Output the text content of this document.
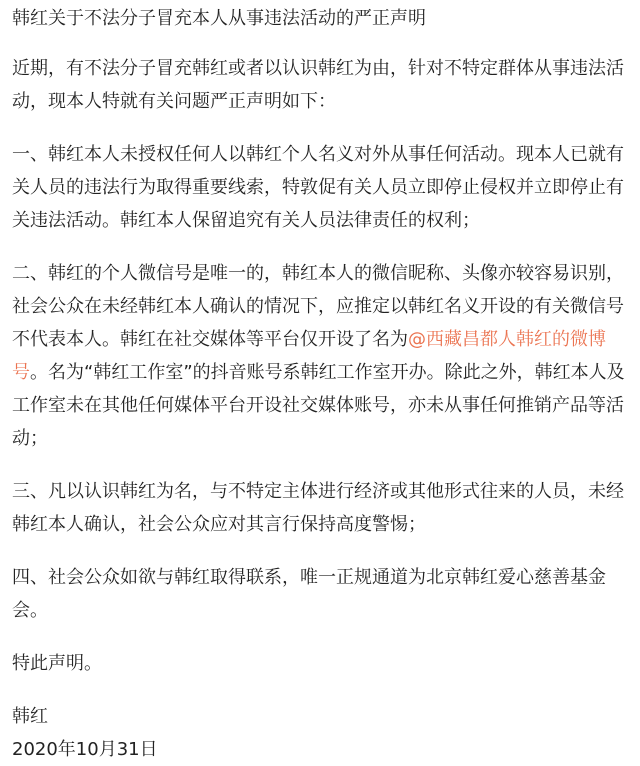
韩红关于不法分子冒充本人从事违法活动的严正声明
近期，有不法分子冒充韩红或者以认识韩红为由，针对不特定群体从事违法活动，现本人特就有关问题严正声明如下：
一、韩红本人未授权任何人以韩红个人名义对外从事任何活动。现本人已就有关人员的违法行为取得重要线索，特敦促有关人员立即停止侵权并立即停止有关违法活动。韩红本人保留追究有关人员法律责任的权利；
二、韩红的个人微信号是唯一的，韩红本人的微信昵称、头像亦较容易识别，社会公众在未经韩红本人确认的情况下，应推定以韩红名义开设的有关微信号不代表本人。韩红在社交媒体等平台仅开设了名为@西藏昌都人韩红的微博号。名为“韩红工作室”的抖音账号系韩红工作室开办。除此之外，韩红本人及工作室未在其他任何媒体平台开设社交媒体账号，亦未从事任何推销产品等活动；
三、凡以认识韩红为名，与不特定主体进行经济或其他形式往来的人员，未经韩红本人确认，社会公众应对其言行保持高度警惕；
四、社会公众如欲与韩红取得联系，唯一正规通道为北京韩红爱心慈善基金会。
特此声明。
韩红
2020年10月31日
